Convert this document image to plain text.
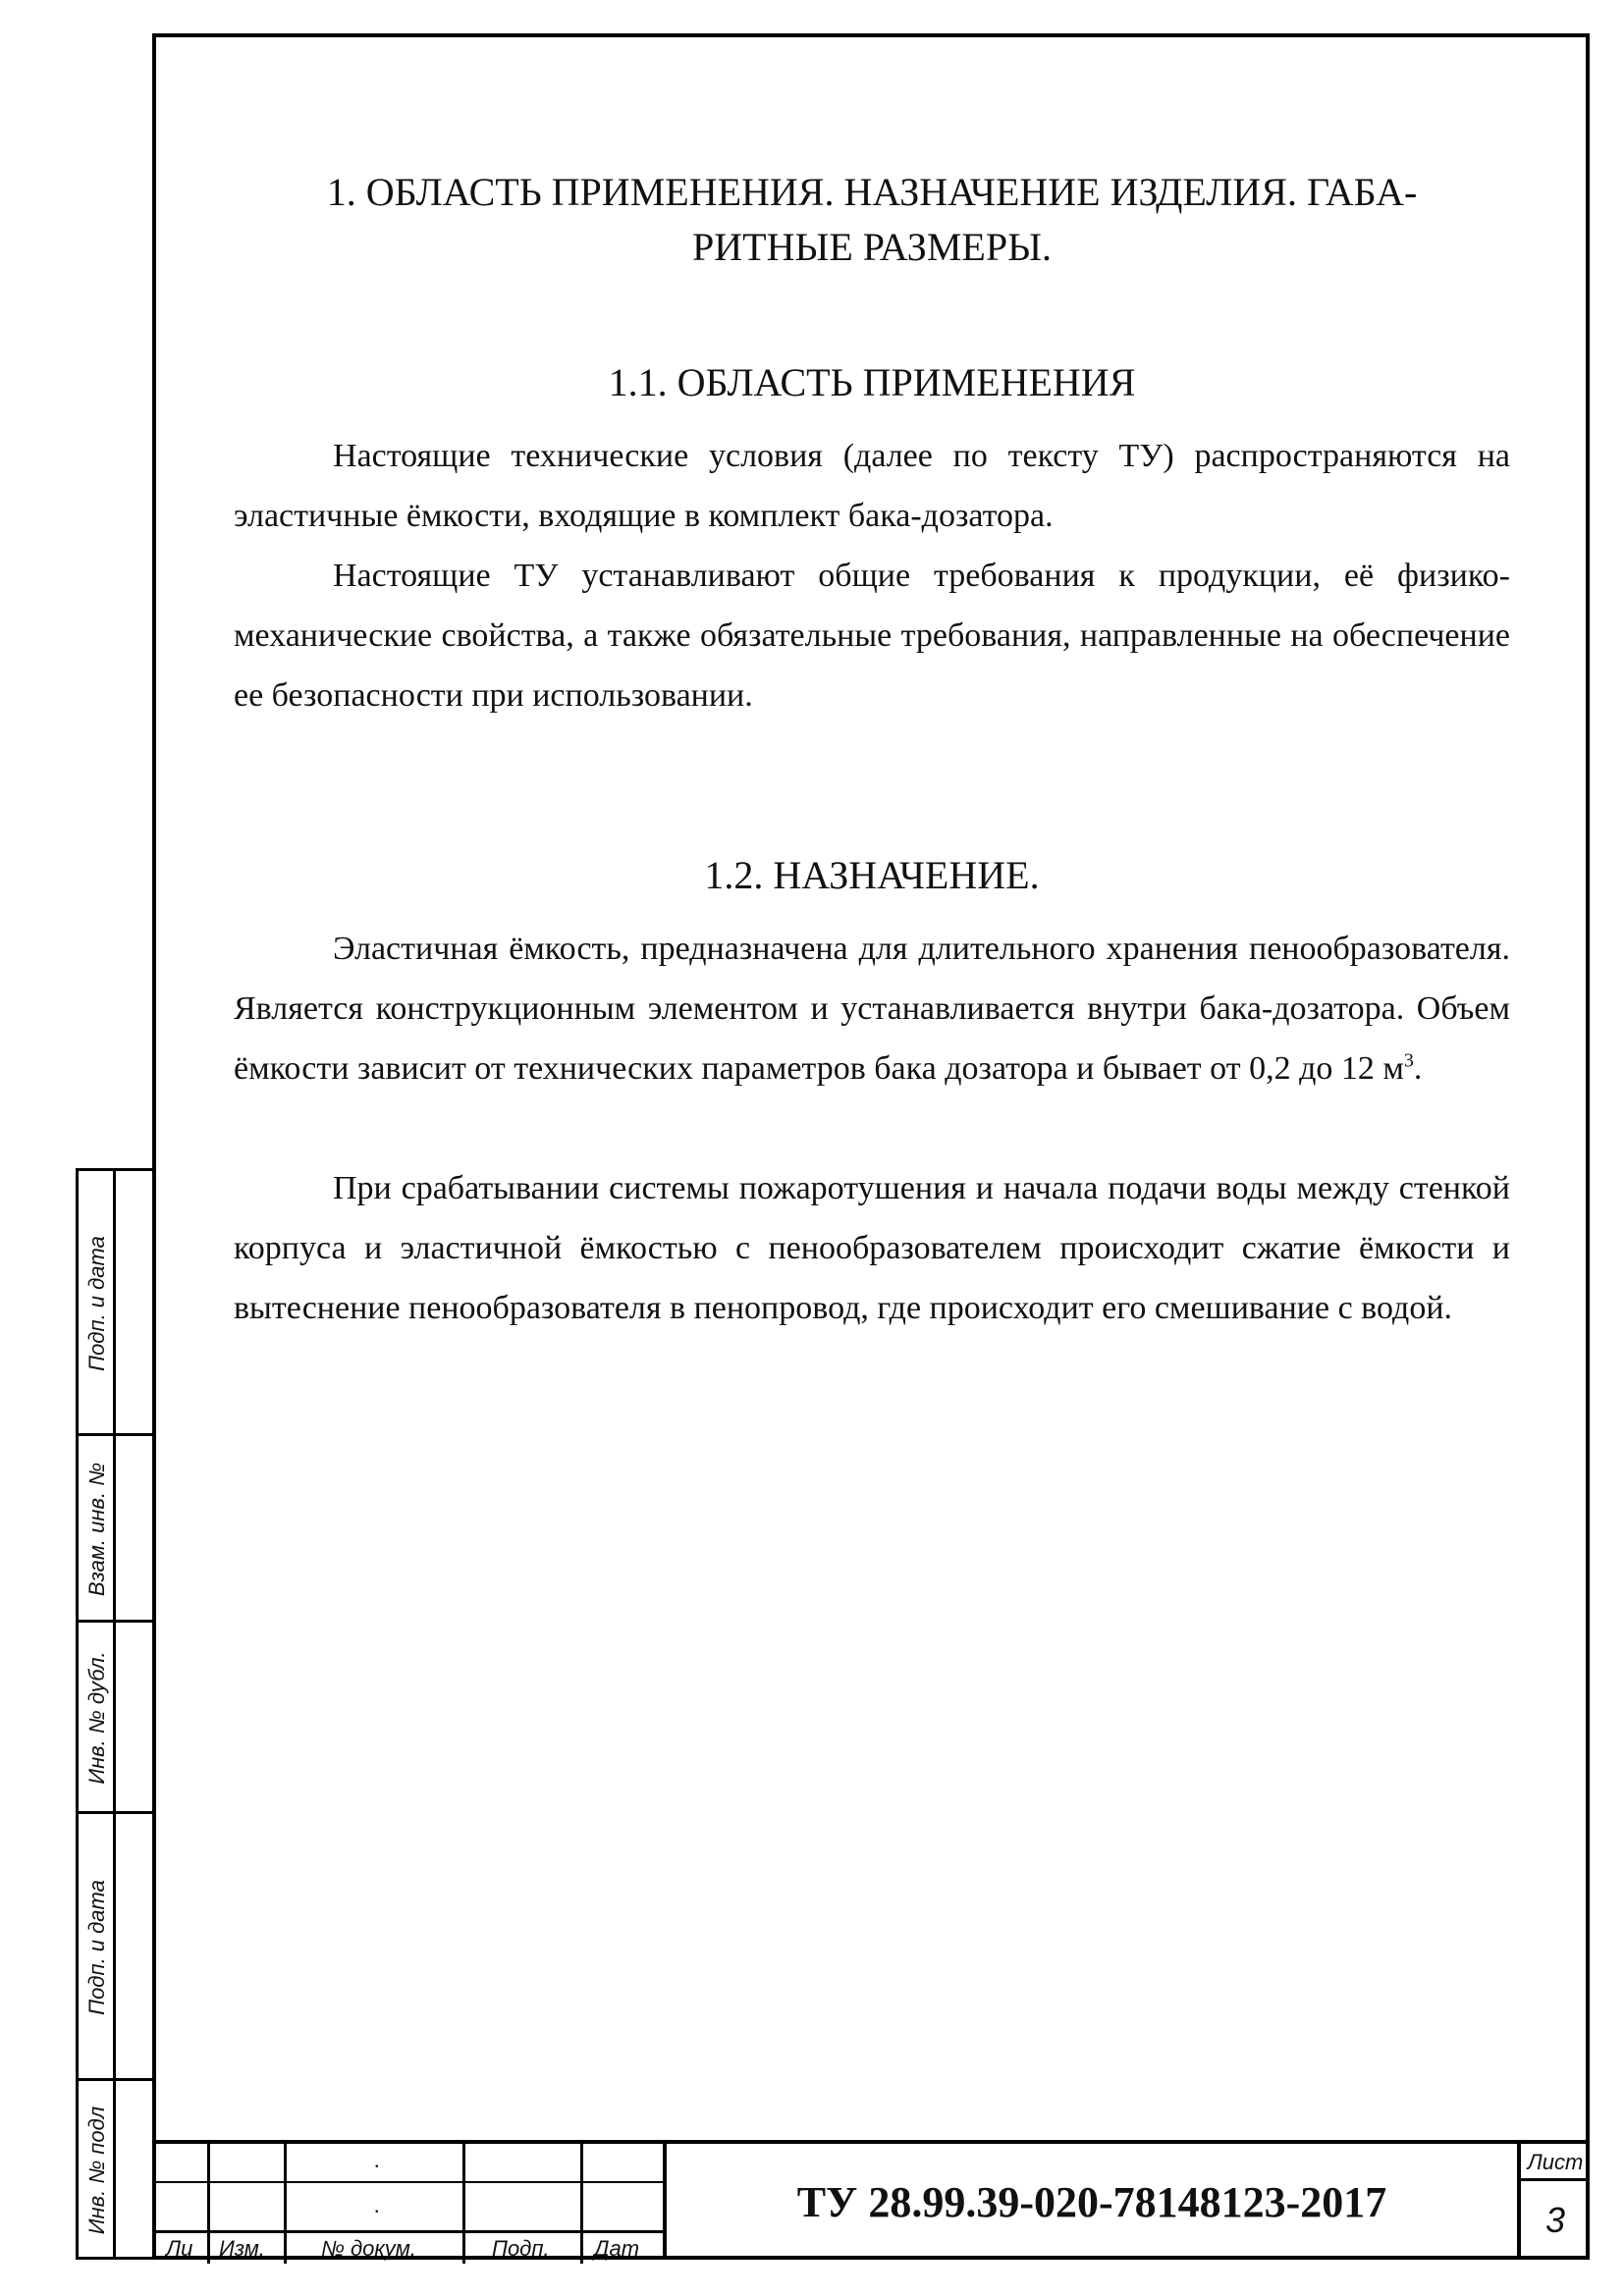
1. ОБЛАСТЬ ПРИМЕНЕНИЯ. НАЗНАЧЕНИЕ ИЗДЕЛИЯ. ГАБА-
РИТНЫЕ РАЗМЕРЫ.
1.1. ОБЛАСТЬ ПРИМЕНЕНИЯ

Настоящие технические условия (далее по тексту ТУ) распространяются на эластичные ёмкости, входящие в комплект бака-дозатора.

Настоящие ТУ устанавливают общие требования к продукции, её физико-механические свойства, а также обязательные требования, направленные на обеспечение ее безопасности при использовании.

1.2. НАЗНАЧЕНИЕ.

Эластичная ёмкость, предназначена для длительного хранения пенообразователя. Является конструкционным элементом и устанавливается внутри бака-дозатора. Объем ёмкости зависит от технических параметров бака дозатора и бывает от 0,2 до 12 $м^3$.

При срабатывании системы пожаротушения и начала подачи воды между стенкой корпуса и эластичной ёмкостью с пенообразователем происходит сжатие ёмкости и вытеснение пенообразователя в пенопровод, где происходит его смешивание с водой.

Подп. и дата
Взам. инв. №
Инв. № дубл.
Подп. и дата
Инв. № подл
Ли Изм.	№ докум.	Подп. Дат
.
.	ТУ 28.99.39-020-78148123-2017
Лист
3
